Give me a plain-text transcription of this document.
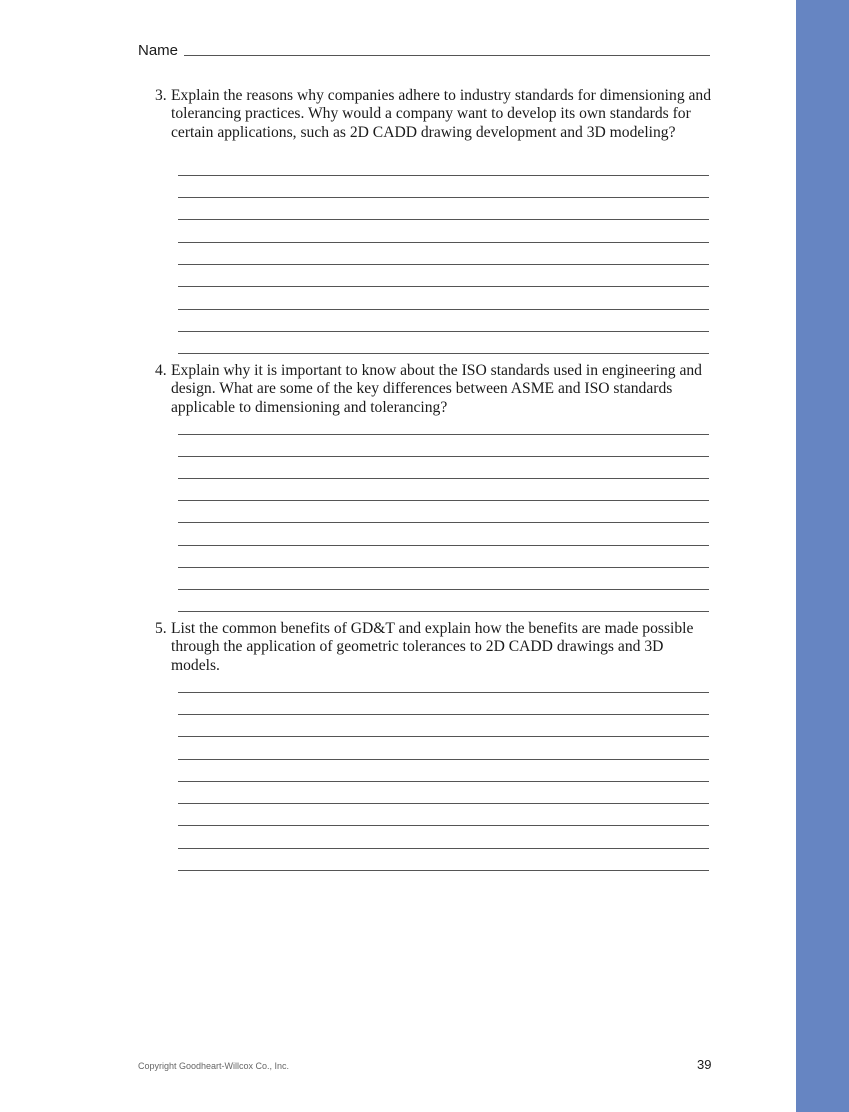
Name

3. Explain the reasons why companies adhere to industry standards for dimensioning and tolerancing practices. Why would a company want to develop its own standards for certain applications, such as 2D CADD drawing development and 3D modeling?

4. Explain why it is important to know about the ISO standards used in engineering and design. What are some of the key differences between ASME and ISO standards applicable to dimensioning and tolerancing?

5. List the common benefits of GD&T and explain how the benefits are made possible through the application of geometric tolerances to 2D CADD drawings and 3D models.

Copyright Goodheart-Willcox Co., Inc.	39
